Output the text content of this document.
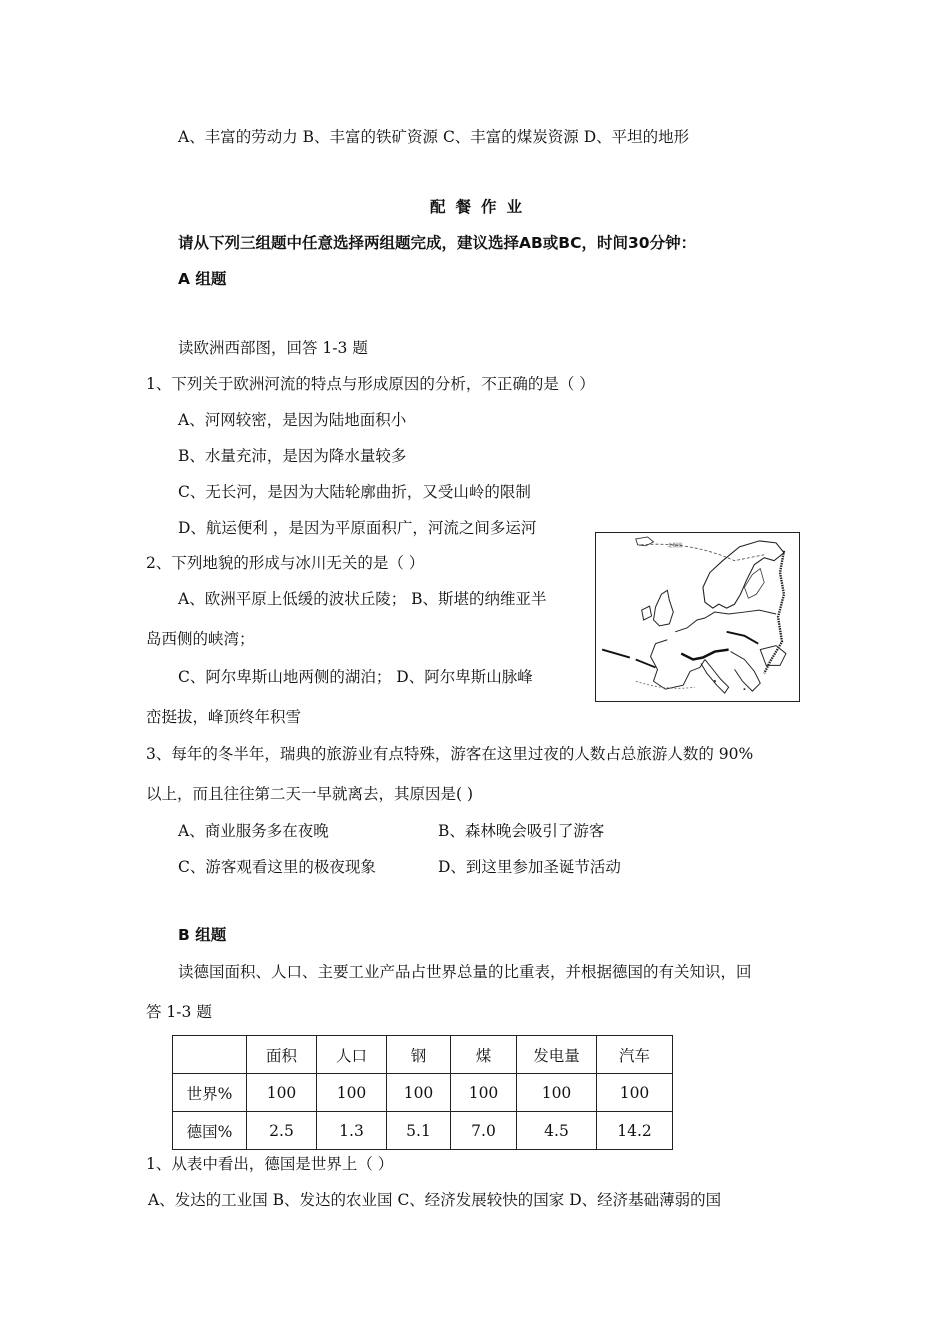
A、丰富的劳动力 B、丰富的铁矿资源 C、丰富的煤炭资源 D、平坦的地形
配餐作业
请从下列三组题中任意选择两组题完成，建议选择AB或BC，时间30分钟：
A 组题
读欧洲西部图，回答 1-3 题
1、下列关于欧洲河流的特点与形成原因的分析，不正确的是（ ）
A、河网较密，是因为陆地面积小
B、水量充沛，是因为降水量较多
C、无长河，是因为大陆轮廓曲折，又受山岭的限制
D、航运便利 ，是因为平原面积广，河流之间多运河
2、下列地貌的形成与冰川无关的是（ ）
A、欧洲平原上低缓的波状丘陵； B、斯堪的纳维亚半
岛西侧的峡湾；
C、阿尔卑斯山地两侧的湖泊； D、阿尔卑斯山脉峰
峦挺拔，峰顶终年积雪
3、每年的冬半年，瑞典的旅游业有点特殊，游客在这里过夜的人数占总旅游人数的 90%
以上，而且往往第二天一早就离去，其原因是( )
A、商业服务多在夜晚	B、森林晚会吸引了游客
C、游客观看这里的极夜现象	D、到这里参加圣诞节活动
北极圈
B 组题
读德国面积、人口、主要工业产品占世界总量的比重表，并根据德国的有关知识，回
答 1-3 题
	面积	人口	钢	煤	发电量	汽车
世界%	100	100	100	100	100	100
德国%	2.5	1.3	5.1	7.0	4.5	14.2
1、从表中看出，德国是世界上（ ）
A、发达的工业国 B、发达的农业国 C、经济发展较快的国家 D、经济基础薄弱的国
